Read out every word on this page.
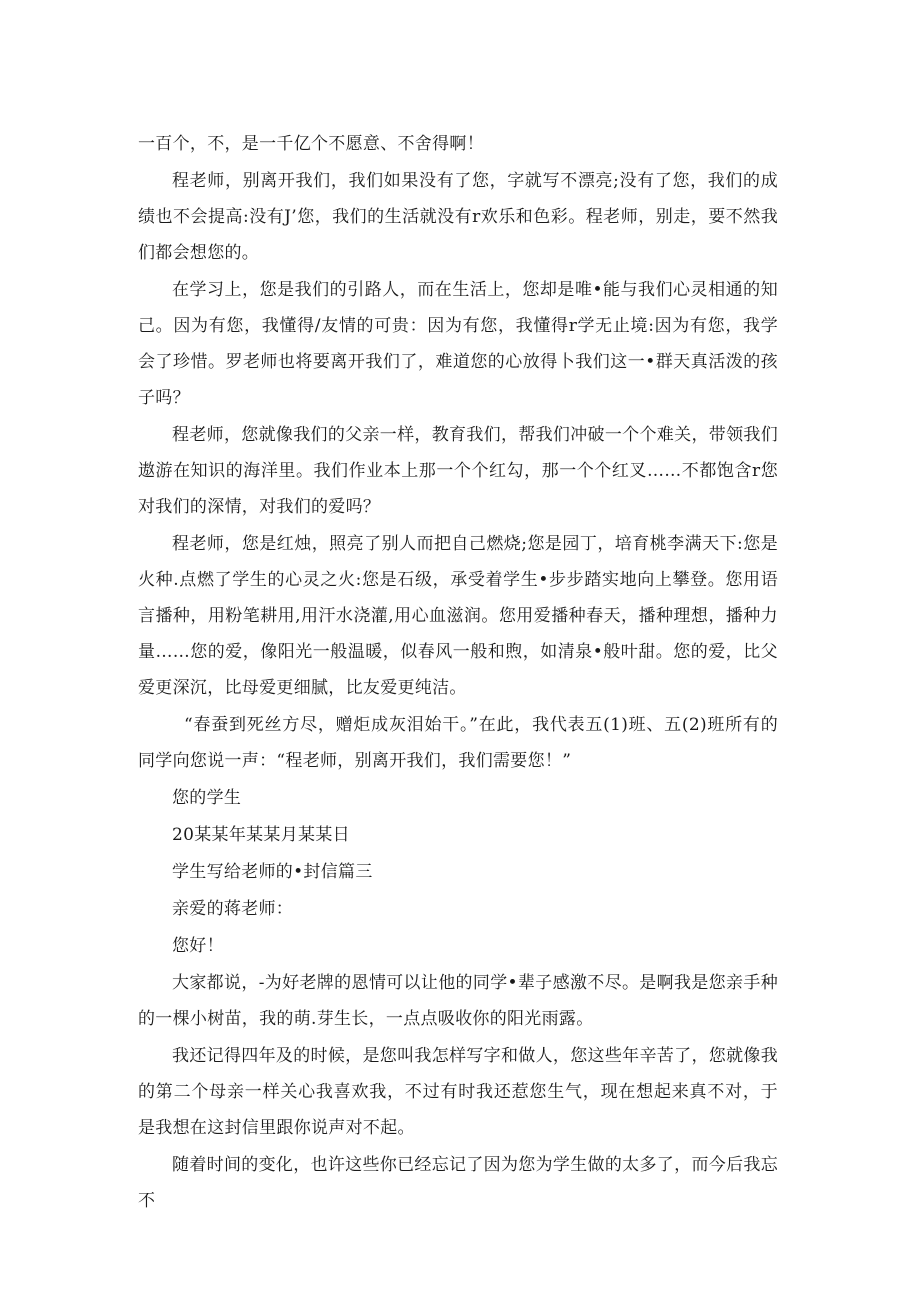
一百个，不，是一千亿个不愿意、不舍得啊！

程老师，别离开我们，我们如果没有了您，字就写不漂亮;没有了您，我们的成绩也不会提高:没有J’您，我们的生活就没有r欢乐和色彩。程老师，别走，要不然我们都会想您的。

在学习上，您是我们的引路人，而在生活上，您却是唯•能与我们心灵相通的知己。因为有您，我懂得/友情的可贵：因为有您，我懂得r学无止境:因为有您，我学会了珍惜。罗老师也将要离开我们了，难道您的心放得卜我们这一•群天真活泼的孩子吗？

程老师，您就像我们的父亲一样，教育我们，帮我们冲破一个个难关，带领我们遨游在知识的海洋里。我们作业本上那一个个红勾，那一个个红叉……不都饱含r您对我们的深情，对我们的爱吗？

程老师，您是红烛，照亮了别人而把自己燃烧;您是园丁，培育桃李满天下:您是火种.点燃了学生的心灵之火:您是石级，承受着学生•步步踏实地向上攀登。您用语言播种，用粉笔耕用,用汗水浇灌,用心血滋润。您用爱播种春天，播种理想，播种力量……您的爱，像阳光一般温暖，似春风一般和煦，如清泉•般叶甜。您的爱，比父爱更深沉，比母爱更细腻，比友爱更纯洁。

“春蚕到死丝方尽，赠炬成灰泪始干。”在此，我代表五(1)班、五(2)班所有的同学向您说一声：“程老师，别离开我们，我们需要您！”

您的学生

20某某年某某月某某日

学生写给老师的•封信篇三

亲爱的蒋老师：

您好！

大家都说，-为好老牌的恩情可以让他的同学•辈子感激不尽。是啊我是您亲手种的一棵小树苗，我的萌.芽生长，一点点吸收你的阳光雨露。

我还记得四年及的时候，是您叫我怎样写字和做人，您这些年辛苦了，您就像我的第二个母亲一样关心我喜欢我，不过有时我还惹您生气，现在想起来真不对，于是我想在这封信里跟你说声对不起。

随着时间的变化，也许这些你已经忘记了因为您为学生做的太多了，而今后我忘不
